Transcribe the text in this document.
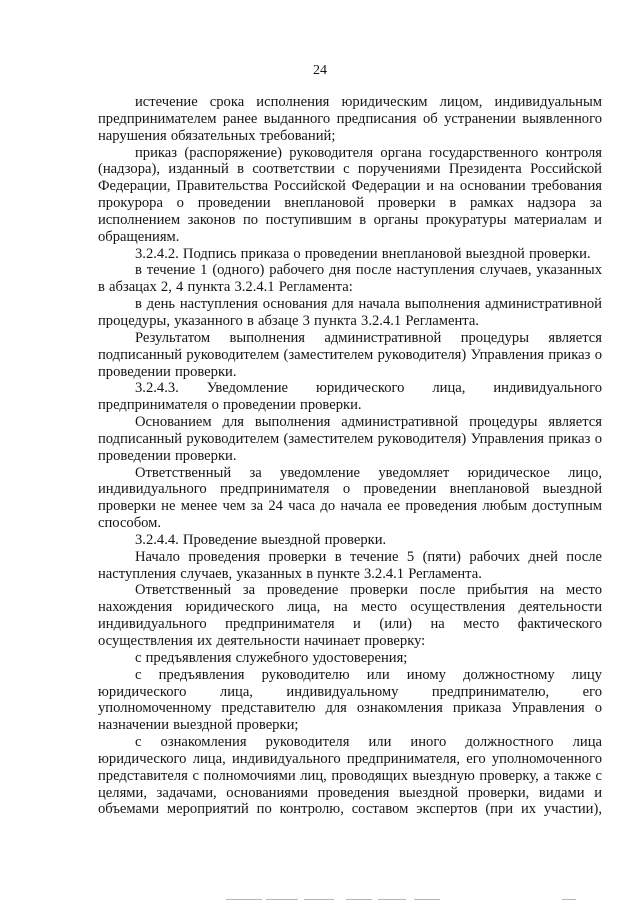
24

истечение срока исполнения юридическим лицом, индивидуальным предпринимателем ранее выданного предписания об устранении выявленного нарушения обязательных требований;

приказ (распоряжение) руководителя органа государственного контроля (надзора), изданный в соответствии с поручениями Президента Российской Федерации, Правительства Российской Федерации и на основании требования прокурора о проведении внеплановой проверки в рамках надзора за исполнением законов по поступившим в органы прокуратуры материалам и обращениям.

3.2.4.2. Подпись приказа о проведении внеплановой выездной проверки.

в течение 1 (одного) рабочего дня после наступления случаев, указанных в абзацах 2, 4 пункта 3.2.4.1 Регламента:

в день наступления основания для начала выполнения административной процедуры, указанного в абзаце 3 пункта 3.2.4.1 Регламента.

Результатом выполнения административной процедуры является подписанный руководителем (заместителем руководителя) Управления приказ о проведении проверки.

3.2.4.3. Уведомление юридического лица, индивидуального предпринимателя о проведении проверки.

Основанием для выполнения административной процедуры является подписанный руководителем (заместителем руководителя) Управления приказ о проведении проверки.

Ответственный за уведомление уведомляет юридическое лицо, индивидуального предпринимателя о проведении внеплановой выездной проверки не менее чем за 24 часа до начала ее проведения любым доступным способом.

3.2.4.4. Проведение выездной проверки.

Начало проведения проверки в течение 5 (пяти) рабочих дней после наступления случаев, указанных в пункте 3.2.4.1 Регламента.

Ответственный за проведение проверки после прибытия на место нахождения юридического лица, на место осуществления деятельности индивидуального предпринимателя и (или) на место фактического осуществления их деятельности начинает проверку:

с предъявления служебного удостоверения;

с предъявления руководителю или иному должностному лицу юридического лица, индивидуальному предпринимателю, его уполномоченному представителю для ознакомления приказа Управления о назначении выездной проверки;

с ознакомления руководителя или иного должностного лица юридического лица, индивидуального предпринимателя, его уполномоченного представителя с полномочиями лиц, проводящих выездную проверку, а также с целями, задачами, основаниями проведения выездной проверки, видами и объемами мероприятий по контролю, составом экспертов (при их участии),
